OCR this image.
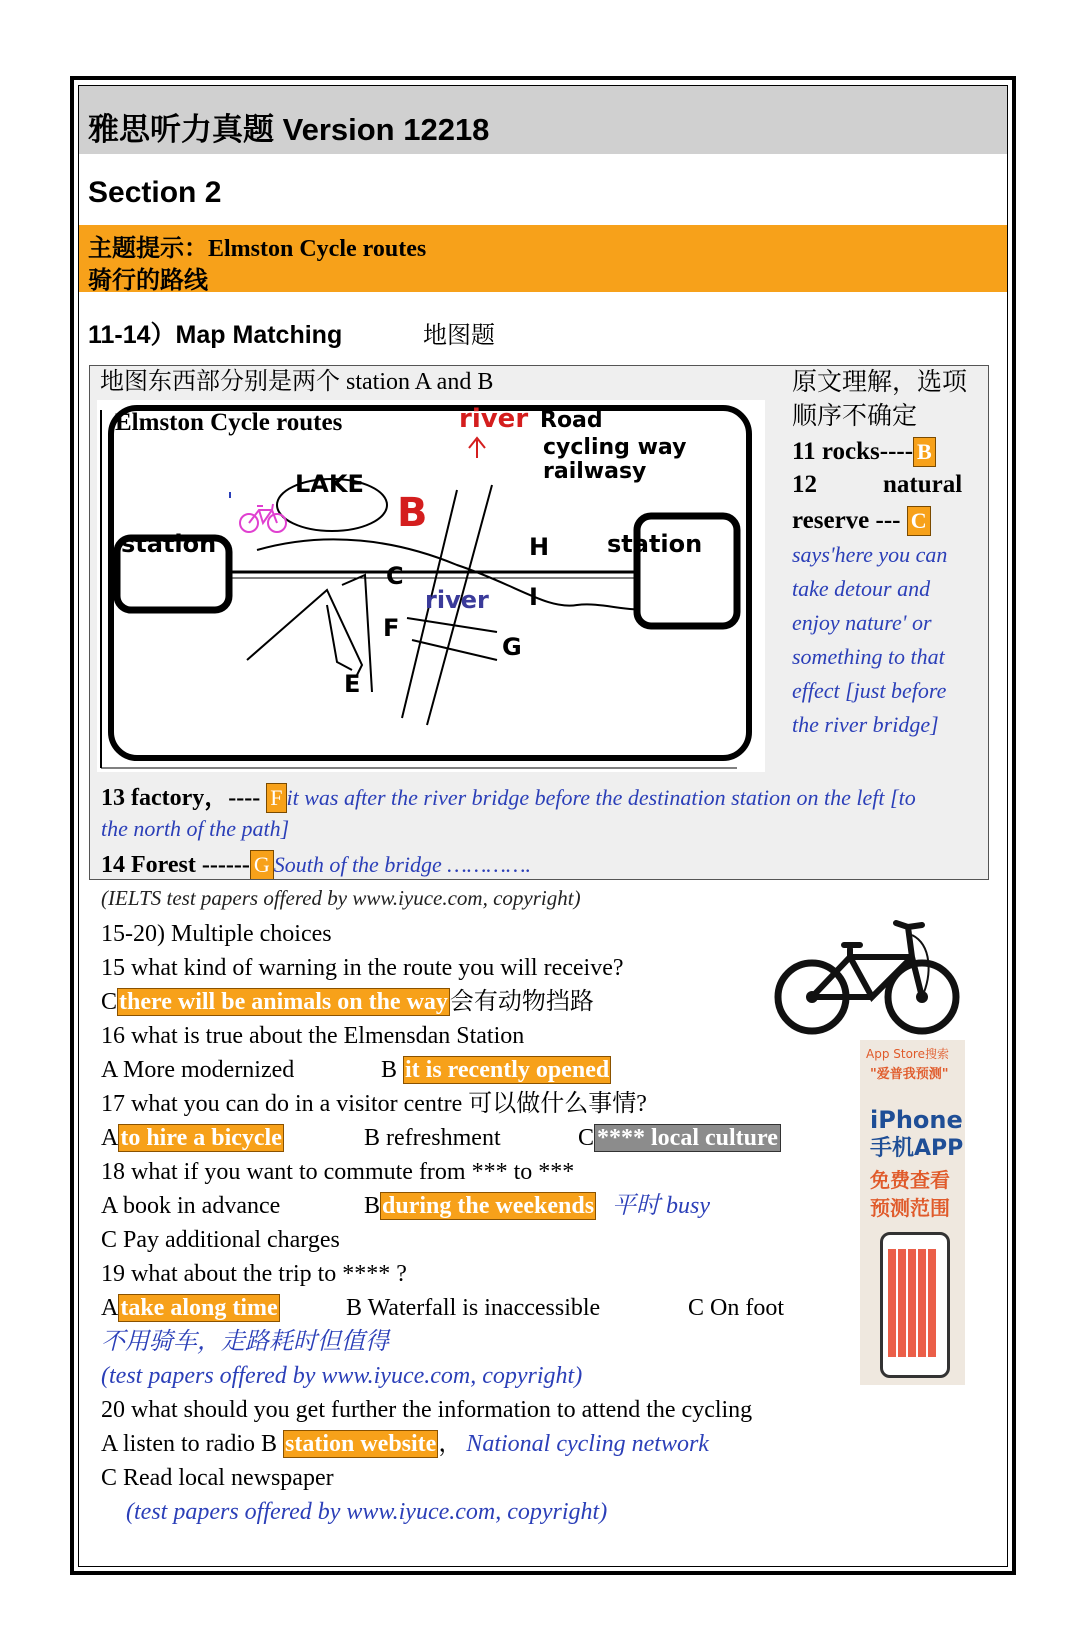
雅思听力真题 Version 12218
Section 2
主题提示：Elmston Cycle routes
骑行的路线
11-14）Map Matching	地图题
地图东西部分别是两个 station A and B
Elmston Cycle routes	river Road
cycling way
railwasy
LAKE
station	station
B
C
river
F
E
G
H
I
原文理解，选项
顺序不确定
11 rocks---- B
12	natural
reserve --- C
says'here you can
take detour and
enjoy nature' or
something to that
effect [just before
the river bridge]
13 factory，---- F it was after the river bridge before the destination station on the left [to
the north of the path]
14 Forest ------ G South of the bridge ………….
(IELTS test papers offered by www.iyuce.com, copyright)
15-20) Multiple choices
15 what kind of warning in the route you will receive?
Cthere will be animals on the way会有动物挡路
16 what is true about the Elmensdan Station
A More modernized	B it is recently opened
17 what you can do in a visitor centre 可以做什么事情?
Ato hire a bicycle	B refreshment	C **** local culture
18 what if you want to commute from *** to ***
A book in advance	Bduring the weekends 平时 busy
C Pay additional charges
19 what about the trip to **** ?
Atake along time	B Waterfall is inaccessible	C On foot
不用骑车，走路耗时但值得
(test papers offered by www.iyuce.com, copyright)
20 what should you get further the information to attend the cycling
A listen to radio B station website， National cycling network
C Read local newspaper
(test papers offered by www.iyuce.com, copyright)
App Store搜索
"爱普我预测"
iPhone
手机APP
免费查看
预测范围
